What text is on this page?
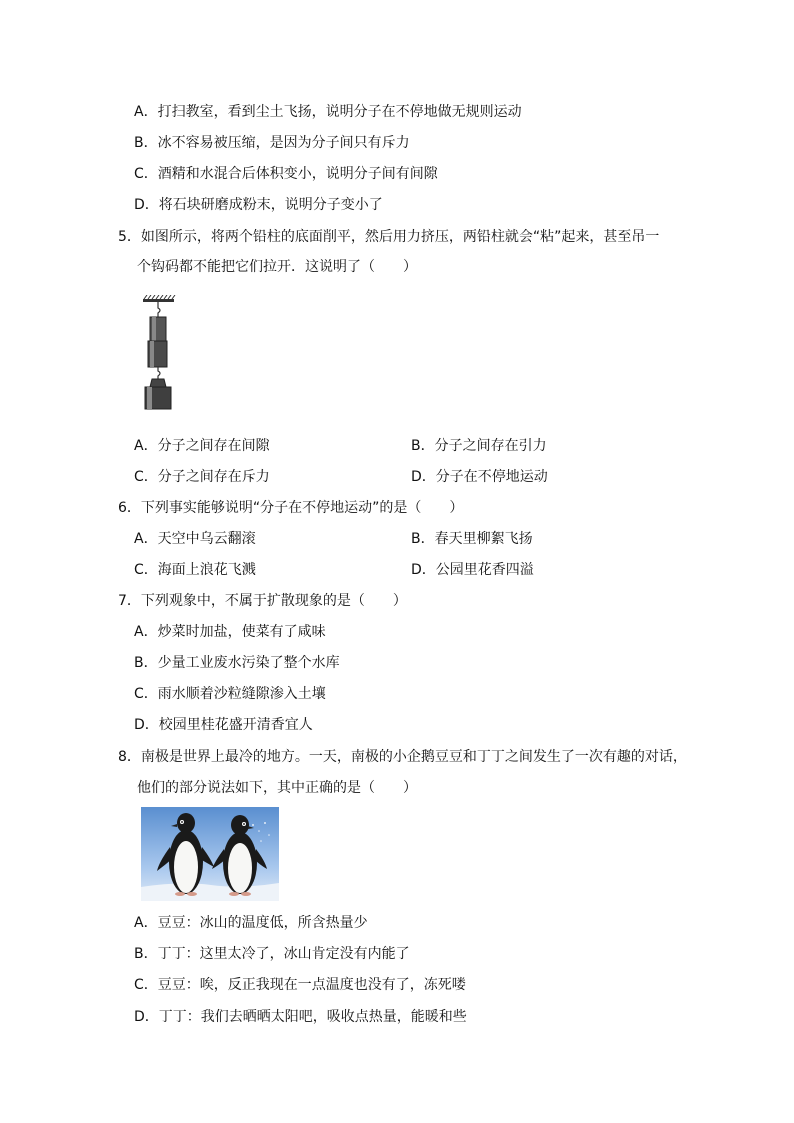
A．打扫教室，看到尘土飞扬，说明分子在不停地做无规则运动
B．冰不容易被压缩，是因为分子间只有斥力
C．酒精和水混合后体积变小，说明分子间有间隙
D．将石块研磨成粉末，说明分子变小了
5．如图所示，将两个铅柱的底面削平，然后用力挤压，两铅柱就会“粘”起来，甚至吊一
个钩码都不能把它们拉开．这说明了（　　）
A．分子之间存在间隙	B．分子之间存在引力
C．分子之间存在斥力	D．分子在不停地运动
6．下列事实能够说明“分子在不停地运动”的是（　　）
A．天空中乌云翻滚	B．春天里柳絮飞扬
C．海面上浪花飞溅	D．公园里花香四溢
7．下列观象中，不属于扩散现象的是（　　）
A．炒菜时加盐，使菜有了咸味
B．少量工业废水污染了整个水库
C．雨水顺着沙粒缝隙渗入土壤
D．校园里桂花盛开清香宜人
8．南极是世界上最冷的地方。一天，南极的小企鹅豆豆和丁丁之间发生了一次有趣的对话，
他们的部分说法如下，其中正确的是（　　）
A．豆豆：冰山的温度低，所含热量少
B．丁丁：这里太冷了，冰山肯定没有内能了
C．豆豆：唉，反正我现在一点温度也没有了，冻死喽
D．丁丁：我们去晒晒太阳吧，吸收点热量，能暖和些
